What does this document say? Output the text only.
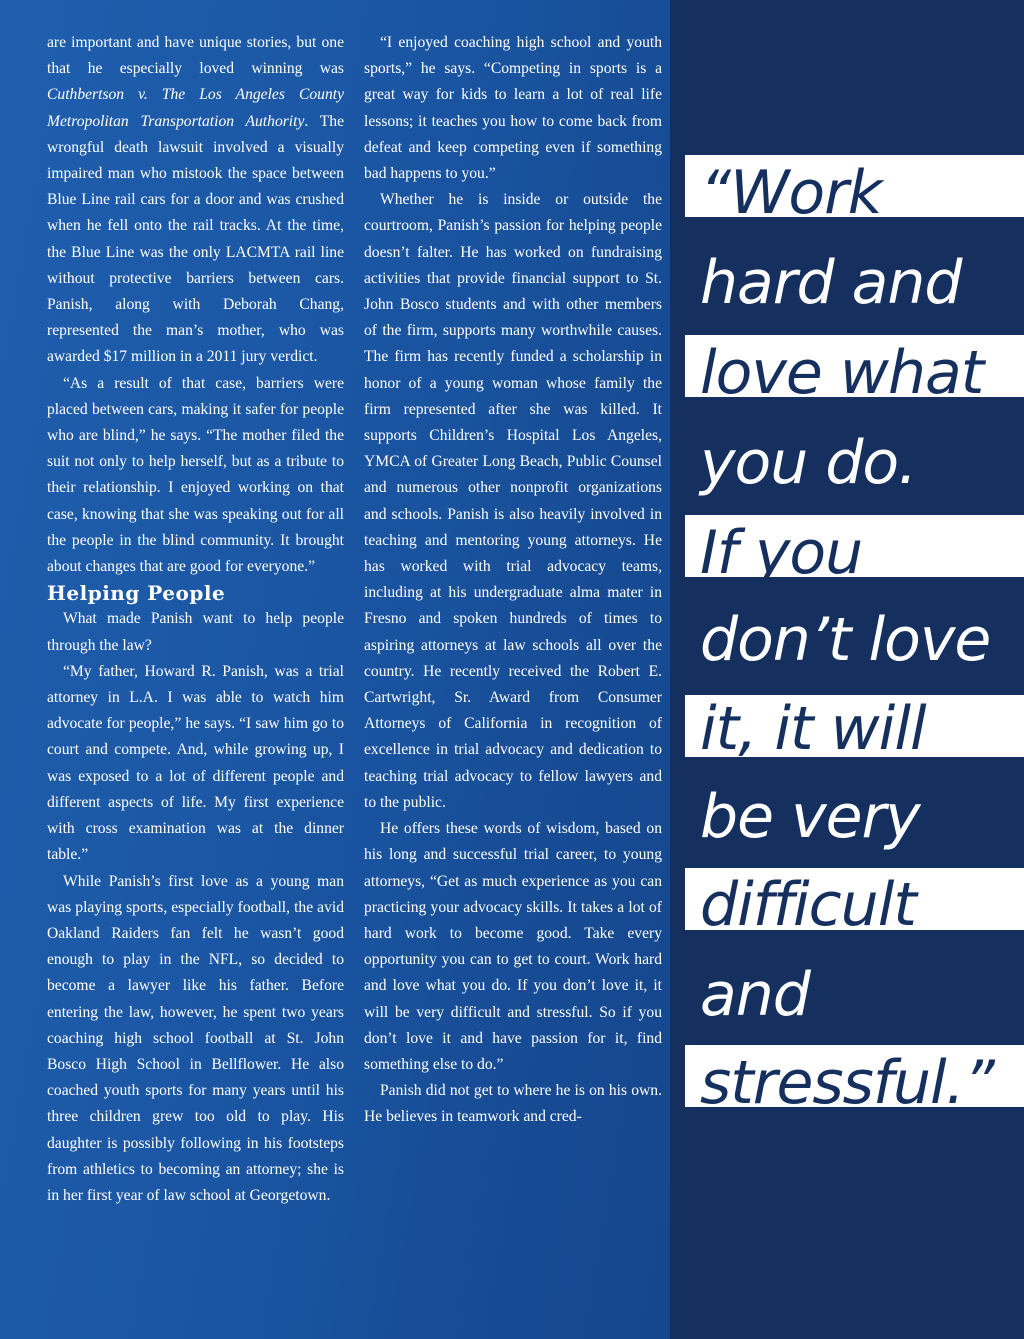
are important and have unique stories, but one that he especially loved winning was Cuthbertson v. The Los Angeles County Metropolitan Transportation Authority. The wrongful death lawsuit involved a visually impaired man who mistook the space between Blue Line rail cars for a door and was crushed when he fell onto the rail tracks. At the time, the Blue Line was the only LACMTA rail line without protective barriers between cars. Panish, along with Deborah Chang, represented the man’s mother, who was awarded $17 million in a 2011 jury verdict.

“As a result of that case, barriers were placed between cars, making it safer for people who are blind,” he says. “The mother filed the suit not only to help herself, but as a tribute to their relationship. I enjoyed working on that case, knowing that she was speaking out for all the people in the blind community. It brought about changes that are good for everyone.”

Helping People

What made Panish want to help people through the law?

“My father, Howard R. Panish, was a trial attorney in L.A. I was able to watch him advocate for people,” he says. “I saw him go to court and compete. And, while growing up, I was exposed to a lot of different people and different aspects of life. My first experience with cross examination was at the dinner table.”

While Panish’s first love as a young man was playing sports, especially football, the avid Oakland Raiders fan felt he wasn’t good enough to play in the NFL, so decided to become a lawyer like his father. Before entering the law, however, he spent two years coaching high school football at St. John Bosco High School in Bellflower. He also coached youth sports for many years until his three children grew too old to play. His daughter is possibly following in his footsteps from athletics to becoming an attorney; she is in her first year of law school at Georgetown.

“I enjoyed coaching high school and youth sports,” he says. “Competing in sports is a great way for kids to learn a lot of real life lessons; it teaches you how to come back from defeat and keep competing even if something bad happens to you.”

Whether he is inside or outside the courtroom, Panish’s passion for helping people doesn’t falter. He has worked on fundraising activities that provide financial support to St. John Bosco students and with other members of the firm, supports many worthwhile causes. The firm has recently funded a scholarship in honor of a young woman whose family the firm represented after she was killed. It supports Children’s Hospital Los Angeles, YMCA of Greater Long Beach, Public Counsel and numerous other nonprofit organizations and schools. Panish is also heavily involved in teaching and mentoring young attorneys. He has worked with trial advocacy teams, including at his undergraduate alma mater in Fresno and spoken hundreds of times to aspiring attorneys at law schools all over the country. He recently received the Robert E. Cartwright, Sr. Award from Consumer Attorneys of California in recognition of excellence in trial advocacy and dedication to teaching trial advocacy to fellow lawyers and to the public.

He offers these words of wisdom, based on his long and successful trial career, to young attorneys, “Get as much experience as you can practicing your advocacy skills. It takes a lot of hard work to become good. Take every opportunity you can to get to court. Work hard and love what you do. If you don’t love it, it will be very difficult and stressful. So if you don’t love it and have passion for it, find something else to do.”

Panish did not get to where he is on his own. He believes in teamwork and cred-

“Work
hard and
love what
you do.
If you
don’t love
it, it will
be very
difficult
and
stressful.”
